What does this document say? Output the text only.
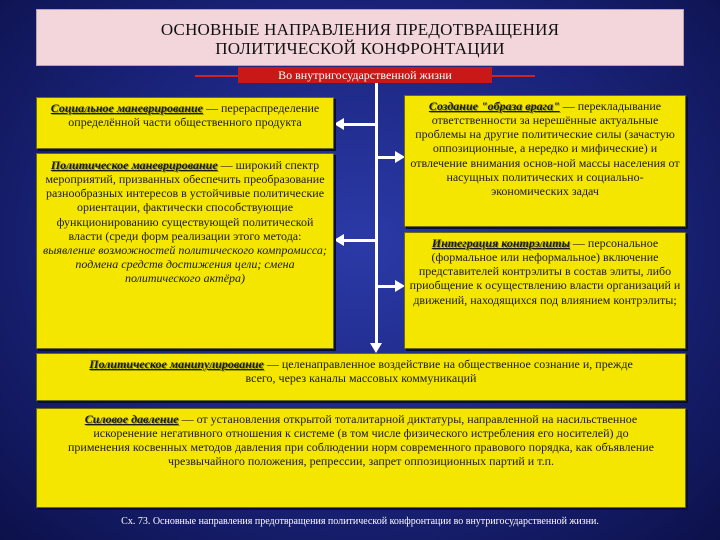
ОСНОВНЫЕ НАПРАВЛЕНИЯ ПРЕДОТВРАЩЕНИЯ
ПОЛИТИЧЕСКОЙ КОНФРОНТАЦИИ
Во внутригосударственной жизни
Социальное маневрирование — перераспределение определённой части общественного продукта
Политическое маневрирование — широкий спектр мероприятий, призванных обеспечить преобразование разнообразных интересов в устойчивые политические ориентации, фактически способствующие функционированию существующей политической власти (среди форм реализации этого метода: выявление возможностей политического компромисса; подмена средств достижения цели; смена политического актёра)
Создание "образа врага" — перекладывание ответственности за нерешённые актуальные проблемы на другие политические силы (зачастую оппозиционные, а нередко и мифические) и отвлечение внимания основ-ной массы населения от насущных политических и социально-экономических задач
Интеграция контрэлиты — персональное (формальное или неформальное) включение представителей контрэлиты в состав элиты, либо приобщение к осуществлению власти организаций и движений, находящихся под влиянием контрэлиты;
Политическое манипулирование — целенаправленное воздействие на общественное сознание и, прежде всего, через каналы массовых коммуникаций
Силовое давление — от установления открытой тоталитарной диктатуры, направленной на насильственное искоренение негативного отношения к системе (в том числе физического истребления его носителей) до применения косвенных методов давления при соблюдении норм современного правового порядка, как объявление чрезвычайного положения, репрессии, запрет оппозиционных партий и т.п.
Сх. 73. Основные направления предотвращения политической конфронтации во внутригосударственной жизни.
